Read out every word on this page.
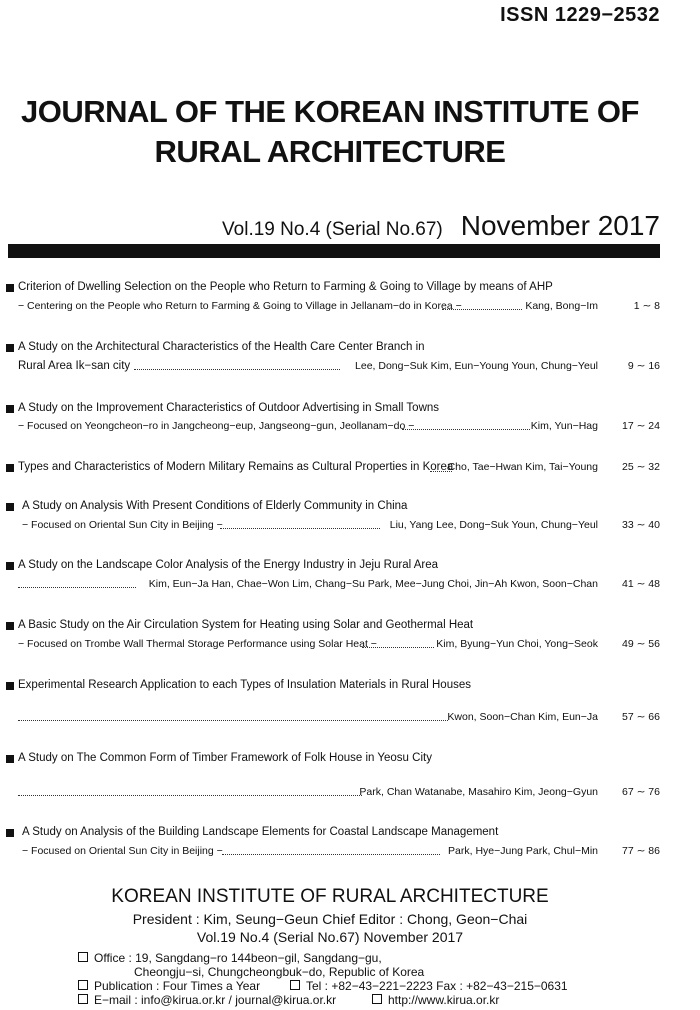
ISSN 1229−2532
JOURNAL OF THE KOREAN INSTITUTE OF
RURAL ARCHITECTURE
Vol.19 No.4 (Serial No.67) November 2017
Criterion of Dwelling Selection on the People who Return to Farming & Going to Village by means of AHP
− Centering on the People who Return to Farming & Going to Village in Jellanam−do in Korea −	Kang, Bong−Im	1 ∼ 8
A Study on the Architectural Characteristics of the Health Care Center Branch in
Rural Area Ik−san city	Lee, Dong−Suk Kim, Eun−Young Youn, Chung−Yeul	9 ∼ 16
A Study on the Improvement Characteristics of Outdoor Advertising in Small Towns
− Focused on Yeongcheon−ro in Jangcheong−eup, Jangseong−gun, Jeollanam−do −	Kim, Yun−Hag 17 ∼ 24
Types and Characteristics of Modern Military Remains as Cultural Properties in Korea
Cho, Tae−Hwan Kim, Tai−Young 25 ∼ 32
A Study on Analysis With Present Conditions of Elderly Community in China
− Focused on Oriental Sun City in Beijing −	Liu, Yang Lee, Dong−Suk Youn, Chung−Yeul 33 ∼ 40
A Study on the Landscape Color Analysis of the Energy Industry in Jeju Rural Area
Kim, Eun−Ja Han, Chae−Won Lim, Chang−Su Park, Mee−Jung Choi, Jin−Ah Kwon, Soon−Chan 41 ∼ 48
A Basic Study on the Air Circulation System for Heating using Solar and Geothermal Heat
− Focused on Trombe Wall Thermal Storage Performance using Solar Heat −	Kim, Byung−Yun Choi, Yong−Seok 49 ∼ 56
Experimental Research Application to each Types of Insulation Materials in Rural Houses
Kwon, Soon−Chan Kim, Eun−Ja 57 ∼ 66
A Study on The Common Form of Timber Framework of Folk House in Yeosu City
Park, Chan Watanabe, Masahiro Kim, Jeong−Gyun 67 ∼ 76
A Study on Analysis of the Building Landscape Elements for Coastal Landscape Management
− Focused on Oriental Sun City in Beijing −	Park, Hye−Jung Park, Chul−Min 77 ∼ 86
KOREAN INSTITUTE OF RURAL ARCHITECTURE
President : Kim, Seung−Geun Chief Editor : Chong, Geon−Chai
Vol.19 No.4 (Serial No.67) November 2017
Office : 19, Sangdang−ro 144beon−gil, Sangdang−gu,
Cheongju−si, Chungcheongbuk−do, Republic of Korea
Publication : Four Times a Year	Tel : +82−43−221−2223 Fax : +82−43−215−0631
E−mail : info@kirua.or.kr / journal@kirua.or.kr	http://www.kirua.or.kr
